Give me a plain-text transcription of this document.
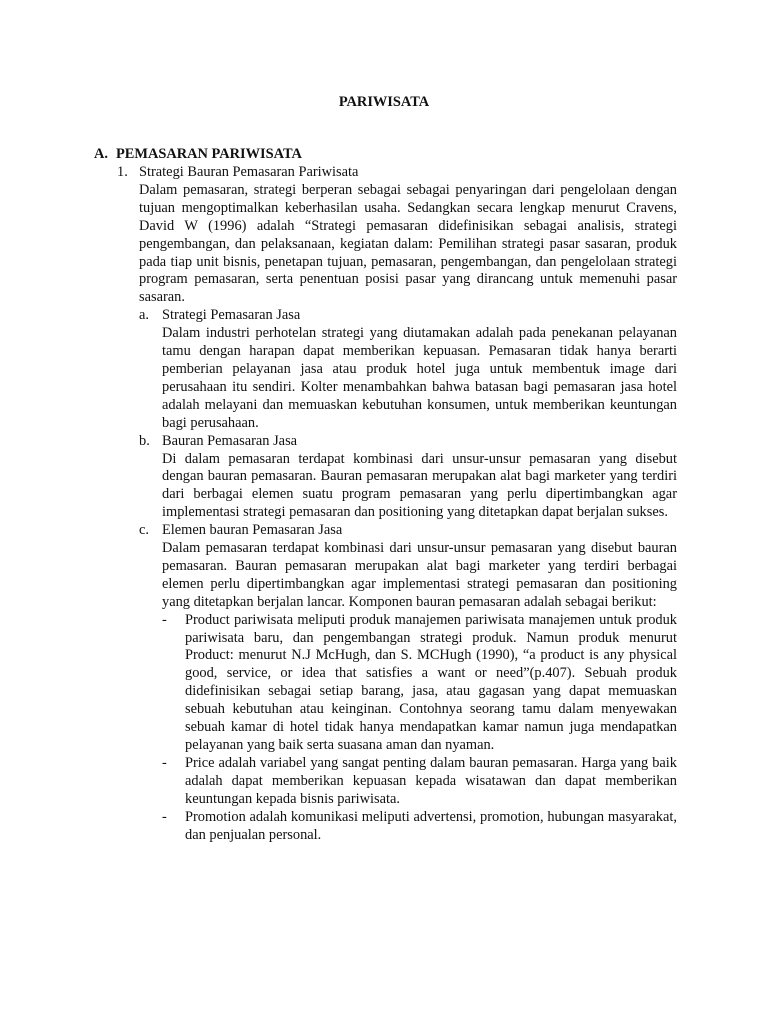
PARIWISATA
A. PEMASARAN PARIWISATA
1. Strategi Bauran Pemasaran Pariwisata
Dalam pemasaran, strategi berperan sebagai sebagai penyaringan dari pengelolaan dengan tujuan mengoptimalkan keberhasilan usaha. Sedangkan secara lengkap menurut Cravens, David W (1996) adalah “Strategi pemasaran didefinisikan sebagai analisis, strategi pengembangan, dan pelaksanaan, kegiatan dalam: Pemilihan strategi pasar sasaran, produk pada tiap unit bisnis, penetapan tujuan, pemasaran, pengembangan, dan pengelolaan strategi program pemasaran, serta penentuan posisi pasar yang dirancang untuk memenuhi pasar sasaran.
a. Strategi Pemasaran Jasa
Dalam industri perhotelan strategi yang diutamakan adalah pada penekanan pelayanan tamu dengan harapan dapat memberikan kepuasan. Pemasaran tidak hanya berarti pemberian pelayanan jasa atau produk hotel juga untuk membentuk image dari perusahaan itu sendiri. Kolter menambahkan bahwa batasan bagi pemasaran jasa hotel adalah melayani dan memuaskan kebutuhan konsumen, untuk memberikan keuntungan bagi perusahaan.
b. Bauran Pemasaran Jasa
Di dalam pemasaran terdapat kombinasi dari unsur-unsur pemasaran yang disebut dengan bauran pemasaran. Bauran pemasaran merupakan alat bagi marketer yang terdiri dari berbagai elemen suatu program pemasaran yang perlu dipertimbangkan agar implementasi strategi pemasaran dan positioning yang ditetapkan dapat berjalan sukses.
c. Elemen bauran Pemasaran Jasa
Dalam pemasaran terdapat kombinasi dari unsur-unsur pemasaran yang disebut bauran pemasaran. Bauran pemasaran merupakan alat bagi marketer yang terdiri berbagai elemen perlu dipertimbangkan agar implementasi strategi pemasaran dan positioning yang ditetapkan berjalan lancar. Komponen bauran pemasaran adalah sebagai berikut:
- Product pariwisata meliputi produk manajemen pariwisata manajemen untuk produk pariwisata baru, dan pengembangan strategi produk. Namun produk menurut Product: menurut N.J McHugh, dan S. MCHugh (1990), “a product is any physical good, service, or idea that satisfies a want or need”(p.407). Sebuah produk didefinisikan sebagai setiap barang, jasa, atau gagasan yang dapat memuaskan sebuah kebutuhan atau keinginan. Contohnya seorang tamu dalam menyewakan sebuah kamar di hotel tidak hanya mendapatkan kamar namun juga mendapatkan pelayanan yang baik serta suasana aman dan nyaman.
- Price adalah variabel yang sangat penting dalam bauran pemasaran. Harga yang baik adalah dapat memberikan kepuasan kepada wisatawan dan dapat memberikan keuntungan kepada bisnis pariwisata.
- Promotion adalah komunikasi meliputi advertensi, promotion, hubungan masyarakat, dan penjualan personal.
